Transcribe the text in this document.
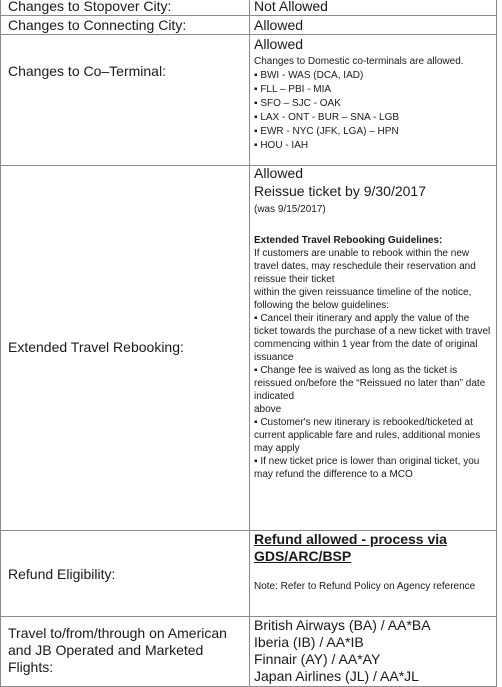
Changes to Stopover City:	Not Allowed
Changes to Connecting City:	Allowed
Changes to Co–Terminal:
Allowed
Changes to Domestic co-terminals are allowed.
▪ BWI - WAS (DCA, IAD)
▪ FLL – PBI - MIA
▪ SFO – SJC - OAK
▪ LAX - ONT - BUR – SNA - LGB
▪ EWR - NYC (JFK, LGA) – HPN
▪ HOU - IAH
Extended Travel Rebooking:
Allowed
Reissue ticket by 9/30/2017
(was 9/15/2017)
Extended Travel Rebooking Guidelines:
If customers are unable to rebook within the new travel dates, may reschedule their reservation and reissue their ticket
within the given reissuance timeline of the notice, following the below guidelines:
▪ Cancel their itinerary and apply the value of the ticket towards the purchase of a new ticket with travel
commencing within 1 year from the date of original issuance
▪ Change fee is waived as long as the ticket is reissued on/before the “Reissued no later than” date indicated
above
▪ Customer's new itinerary is rebooked/ticketed at current applicable fare and rules, additional monies may apply
▪ If new ticket price is lower than original ticket, you may refund the difference to a MCO
Refund Eligibility:
Refund allowed - process via GDS/ARC/BSP
Note: Refer to Refund Policy on Agency reference
Travel to/from/through on American and JB Operated and Marketed Flights:
British Airways (BA) / AA*BA
Iberia (IB) / AA*IB
Finnair (AY) / AA*AY
Japan Airlines (JL) / AA*JL
